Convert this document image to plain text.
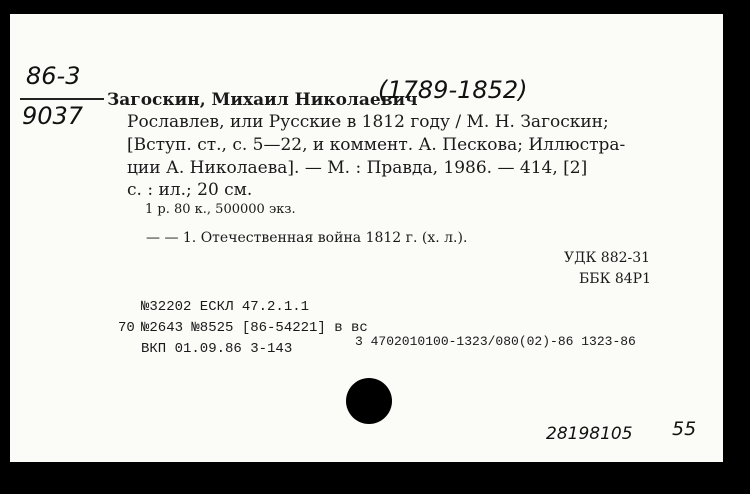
86-3
9037
Загоскин, Михаил Николаевич
(1789-1852)
Рославлев, или Русские в 1812 году / М. Н. Загоскин;
[Вступ. ст., с. 5—22, и коммент. А. Пескова; Иллюстра-
ции А. Николаева]. — М. : Правда, 1986. — 414, [2]
с. : ил.; 20 см.
1 р. 80 к., 500000 экз.
— — 1. Отечественная война 1812 г. (х. л.).
УДК 882-31
ББК 84Р1
№32202 ЕСКЛ 47.2.1.1
70 №2643 №8525 [86-54221] в вс
ВКП 01.09.86 3-143	3 4702010100-1323/080(02)-86 1323-86
28198105 55
